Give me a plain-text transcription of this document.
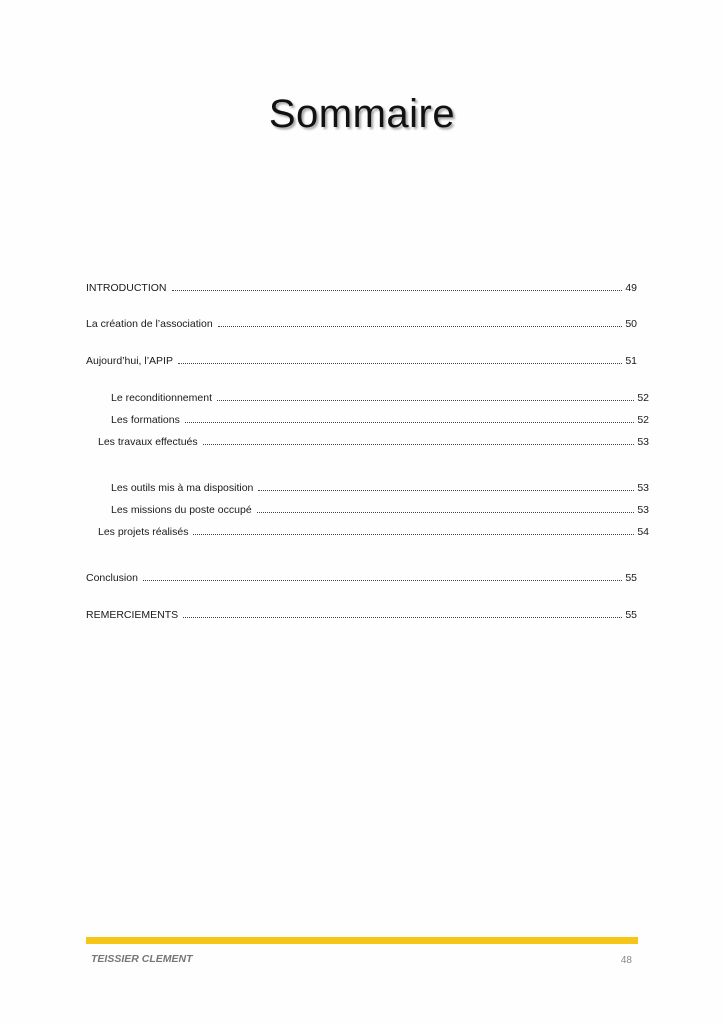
Sommaire
INTRODUCTION	49
La création de l’association	50
Aujourd’hui, l’APIP	51
Le reconditionnement	52
Les formations	52
Les travaux effectués	53
Les outils mis à ma disposition	53
Les missions du poste occupé	53
Les projets réalisés	54
Conclusion	55
REMERCIEMENTS	55
TEISSIER CLEMENT	48
